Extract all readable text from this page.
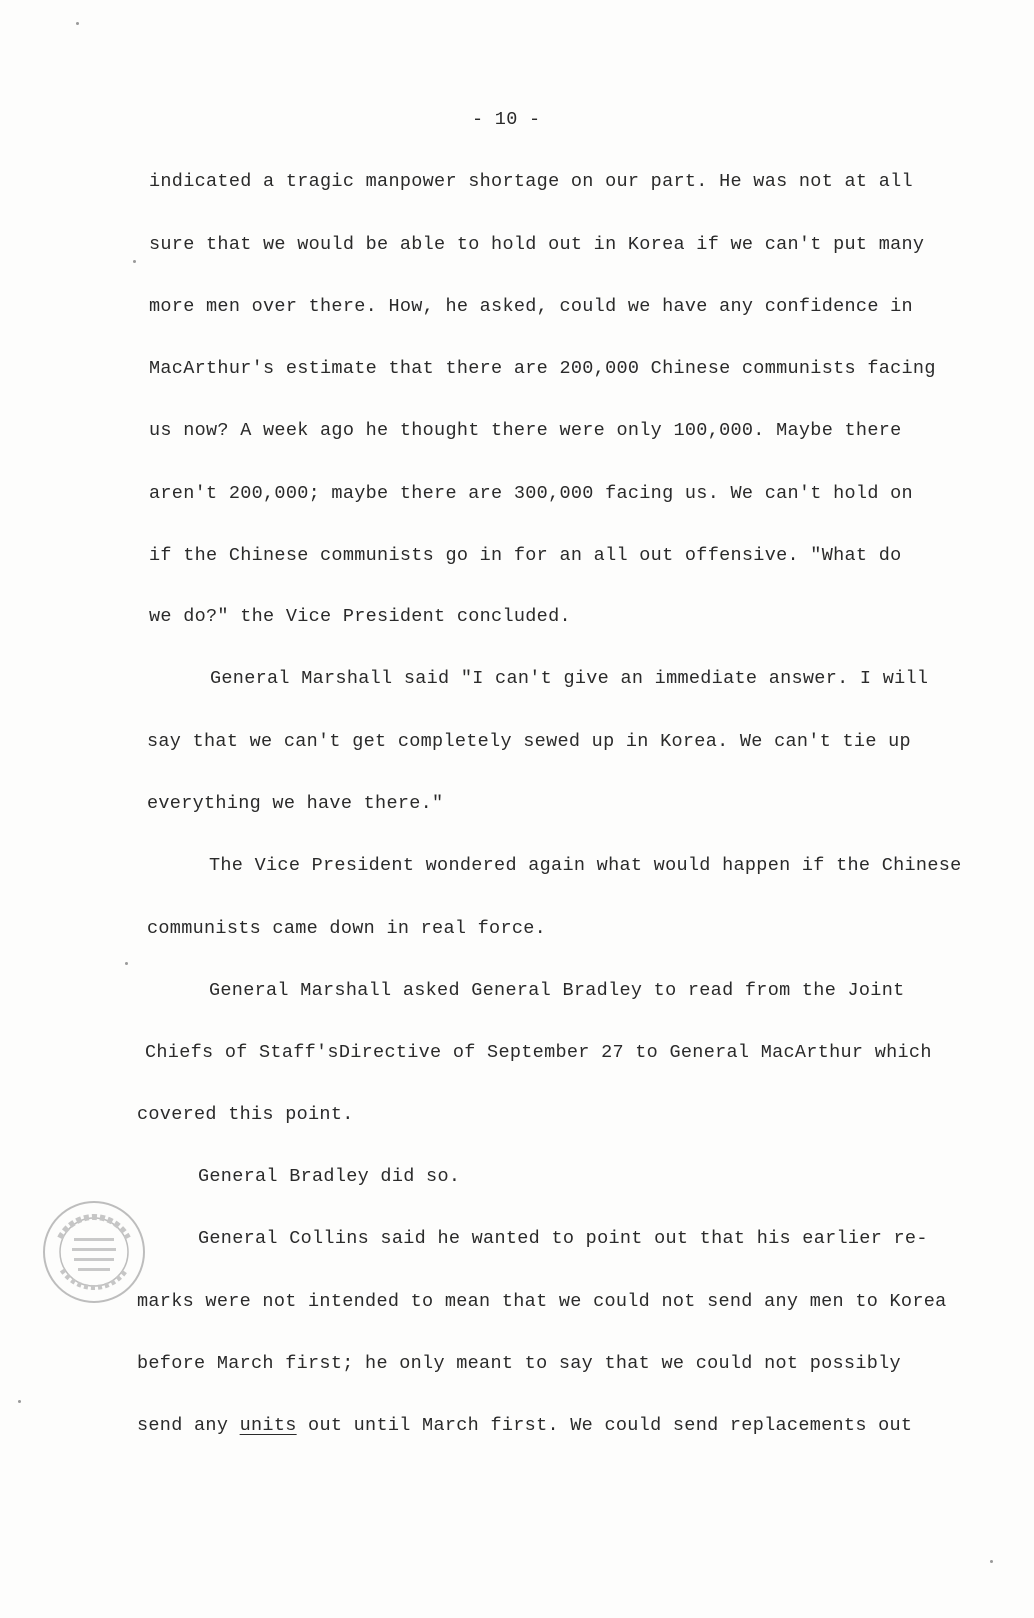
- 10 -
indicated a tragic manpower shortage on our part. He was not at all
sure that we would be able to hold out in Korea if we can't put many
more men over there. How, he asked, could we have any confidence in
MacArthur's estimate that there are 200,000 Chinese communists facing
us now? A week ago he thought there were only 100,000. Maybe there
aren't 200,000; maybe there are 300,000 facing us. We can't hold on
if the Chinese communists go in for an all out offensive. "What do
we do?" the Vice President concluded.
General Marshall said "I can't give an immediate answer. I will
say that we can't get completely sewed up in Korea. We can't tie up
everything we have there."
The Vice President wondered again what would happen if the Chinese
communists came down in real force.
General Marshall asked General Bradley to read from the Joint
Chiefs of Staff'sDirective of September 27 to General MacArthur which
covered this point.
General Bradley did so.
General Collins said he wanted to point out that his earlier re-
marks were not intended to mean that we could not send any men to Korea
before March first; he only meant to say that we could not possibly
send any units out until March first. We could send replacements out
